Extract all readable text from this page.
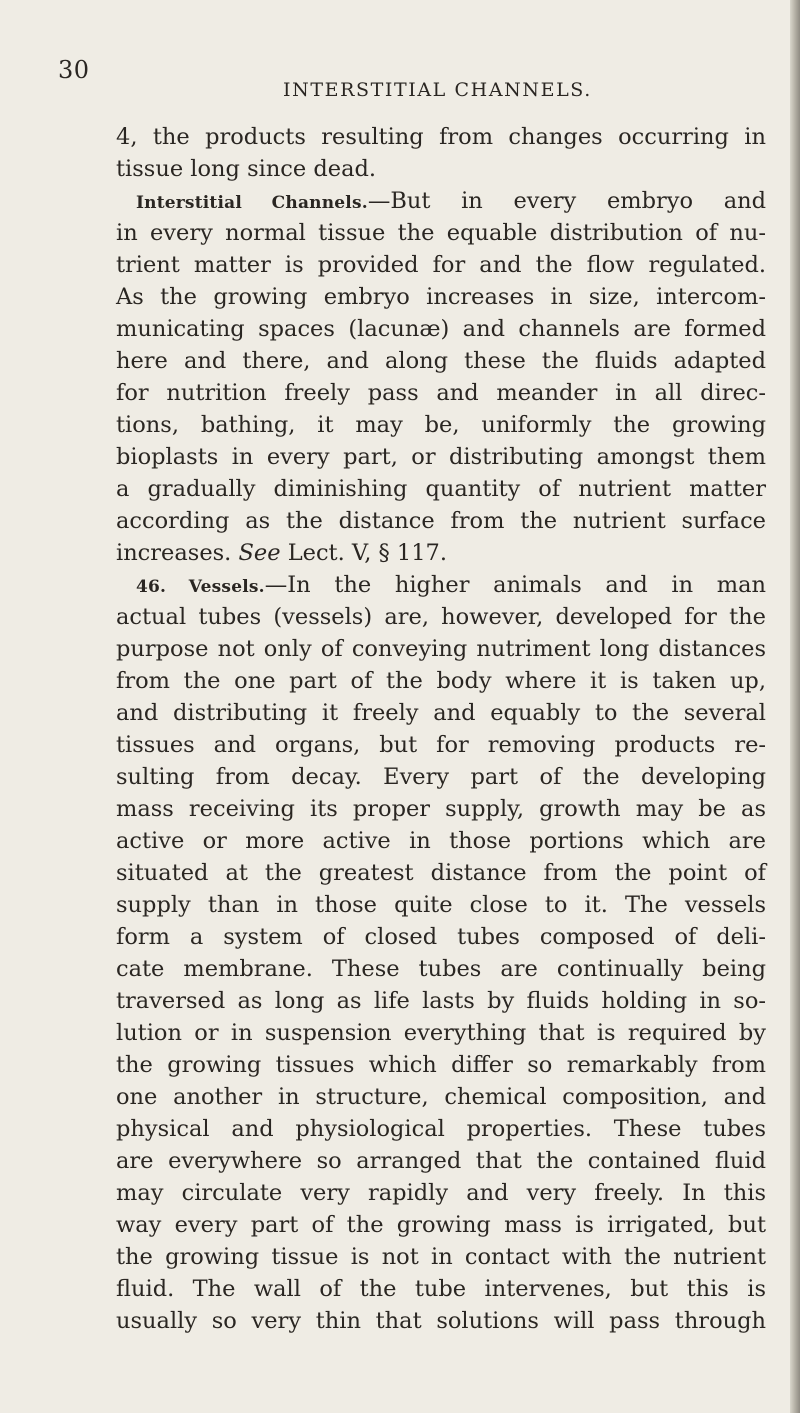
30
INTERSTITIAL CHANNELS.
4, the products resulting from changes occurring in
tissue long since dead.
Interstitial Channels.—But in every embryo and
in every normal tissue the equable distribution of nu-
trient matter is provided for and the flow regulated.
As the growing embryo increases in size, intercom-
municating spaces (lacunæ) and channels are formed
here and there, and along these the fluids adapted
for nutrition freely pass and meander in all direc-
tions, bathing, it may be, uniformly the growing
bioplasts in every part, or distributing amongst them
a gradually diminishing quantity of nutrient matter
according as the distance from the nutrient surface
increases. See Lect. V, § 117.
46. Vessels.—In the higher animals and in man
actual tubes (vessels) are, however, developed for the
purpose not only of conveying nutriment long distances
from the one part of the body where it is taken up,
and distributing it freely and equably to the several
tissues and organs, but for removing products re-
sulting from decay. Every part of the developing
mass receiving its proper supply, growth may be as
active or more active in those portions which are
situated at the greatest distance from the point of
supply than in those quite close to it. The vessels
form a system of closed tubes composed of deli-
cate membrane. These tubes are continually being
traversed as long as life lasts by fluids holding in so-
lution or in suspension everything that is required by
the growing tissues which differ so remarkably from
one another in structure, chemical composition, and
physical and physiological properties. These tubes
are everywhere so arranged that the contained fluid
may circulate very rapidly and very freely. In this
way every part of the growing mass is irrigated, but
the growing tissue is not in contact with the nutrient
fluid. The wall of the tube intervenes, but this is
usually so very thin that solutions will pass through
